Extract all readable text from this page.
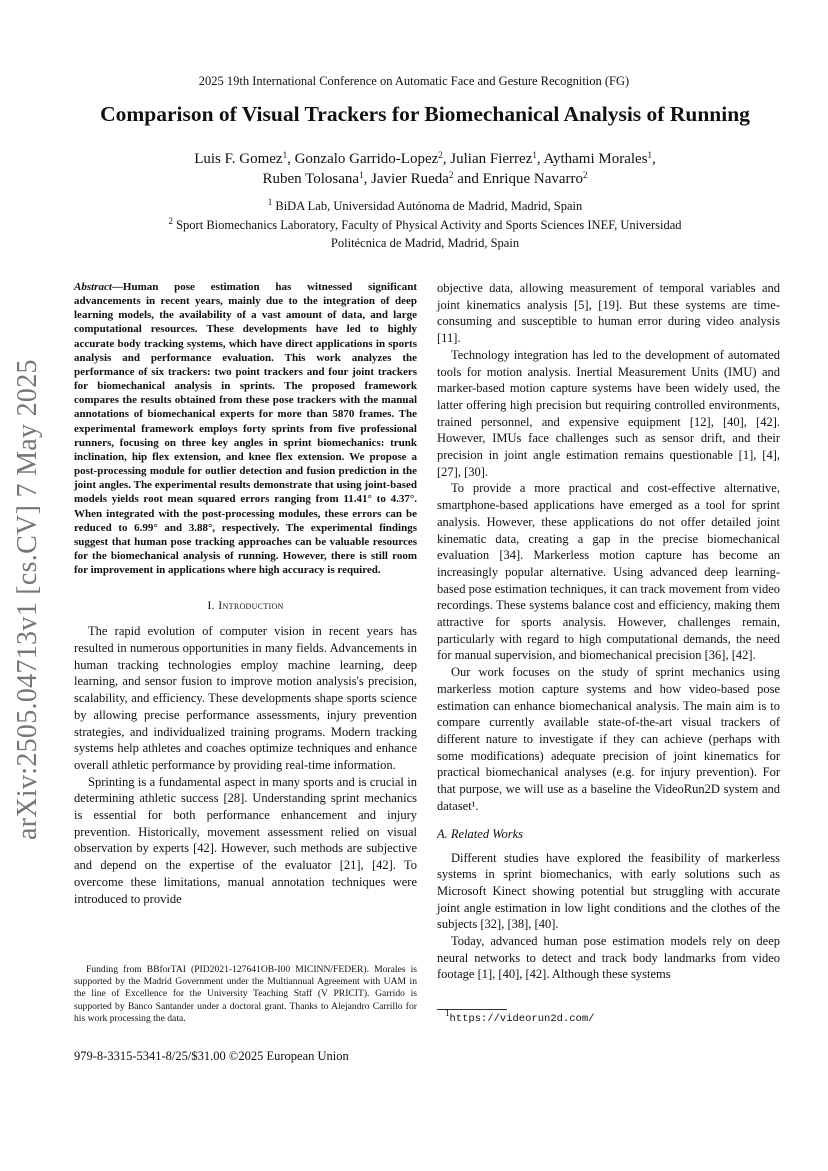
2025 19th International Conference on Automatic Face and Gesture Recognition (FG)
Comparison of Visual Trackers for Biomechanical Analysis of Running
Luis F. Gomez$^1$, Gonzalo Garrido-Lopez$^2$, Julian Fierrez$^1$, Aythami Morales$^1$,
Ruben Tolosana$^1$, Javier Rueda$^2$ and Enrique Navarro$^2$
$^1$ BiDA Lab, Universidad Autónoma de Madrid, Madrid, Spain
$^2$ Sport Biomechanics Laboratory, Faculty of Physical Activity and Sports Sciences INEF, Universidad
Politécnica de Madrid, Madrid, Spain
arXiv:2505.04713v1 [cs.CV] 7 May 2025

Abstract—Human pose estimation has witnessed significant advancements in recent years, mainly due to the integration of deep learning models, the availability of a vast amount of data, and large computational resources. These developments have led to highly accurate body tracking systems, which have direct applications in sports analysis and performance evaluation. This work analyzes the performance of six trackers: two point trackers and four joint trackers for biomechanical analysis in sprints. The proposed framework compares the results obtained from these pose trackers with the manual annotations of biomechanical experts for more than 5870 frames. The experimental framework employs forty sprints from five professional runners, focusing on three key angles in sprint biomechanics: trunk inclination, hip flex extension, and knee flex extension. We propose a post-processing module for outlier detection and fusion prediction in the joint angles. The experimental results demonstrate that using joint-based models yields root mean squared errors ranging from 11.41° to 4.37°. When integrated with the post-processing modules, these errors can be reduced to 6.99° and 3.88°, respectively. The experimental findings suggest that human pose tracking approaches can be valuable resources for the biomechanical analysis of running. However, there is still room for improvement in applications where high accuracy is required.

I. Introduction

The rapid evolution of computer vision in recent years has resulted in numerous opportunities in many fields. Advancements in human tracking technologies employ machine learning, deep learning, and sensor fusion to improve motion analysis's precision, scalability, and efficiency. These developments shape sports science by allowing precise performance assessments, injury prevention strategies, and individualized training programs. Modern tracking systems help athletes and coaches optimize techniques and enhance overall athletic performance by providing real-time information.

Sprinting is a fundamental aspect in many sports and is crucial in determining athletic success [28]. Understanding sprint mechanics is essential for both performance enhancement and injury prevention. Historically, movement assessment relied on visual observation by experts [42]. However, such methods are subjective and depend on the expertise of the evaluator [21], [42]. To overcome these limitations, manual annotation techniques were introduced to provide

objective data, allowing measurement of temporal variables and joint kinematics analysis [5], [19]. But these systems are time-consuming and susceptible to human error during video analysis [11].

Technology integration has led to the development of automated tools for motion analysis. Inertial Measurement Units (IMU) and marker-based motion capture systems have been widely used, the latter offering high precision but requiring controlled environments, trained personnel, and expensive equipment [12], [40], [42]. However, IMUs face challenges such as sensor drift, and their precision in joint angle estimation remains questionable [1], [4], [27], [30].

To provide a more practical and cost-effective alternative, smartphone-based applications have emerged as a tool for sprint analysis. However, these applications do not offer detailed joint kinematic data, creating a gap in the precise biomechanical evaluation [34]. Markerless motion capture has become an increasingly popular alternative. Using advanced deep learning-based pose estimation techniques, it can track movement from video recordings. These systems balance cost and efficiency, making them attractive for sports analysis. However, challenges remain, particularly with regard to high computational demands, the need for manual supervision, and biomechanical precision [36], [42].

Our work focuses on the study of sprint mechanics using markerless motion capture systems and how video-based pose estimation can enhance biomechanical analysis. The main aim is to compare currently available state-of-the-art visual trackers of different nature to investigate if they can achieve (perhaps with some modifications) adequate precision of joint kinematics for practical biomechanical analyses (e.g. for injury prevention). For that purpose, we will use as a baseline the VideoRun2D system and dataset¹.

A. Related Works

Different studies have explored the feasibility of markerless systems in sprint biomechanics, with early solutions such as Microsoft Kinect showing potential but struggling with accurate joint angle estimation in low light conditions and the clothes of the subjects [32], [38], [40].

Today, advanced human pose estimation models rely on deep neural networks to detect and track body landmarks from video footage [1], [40], [42]. Although these systems

Funding from BBforTAI (PID2021-127641OB-I00 MICINN/FEDER). Morales is supported by the Madrid Government under the Multiannual Agreement with UAM in the line of Excellence for the University Teaching Staff (V PRICIT). Garrido is supported by Banco Santander under a doctoral grant. Thanks to Alejandro Carrillo for his work processing the data.	$^1$https://videorun2d.com/
979-8-3315-5341-8/25/$31.00 ©2025 European Union
